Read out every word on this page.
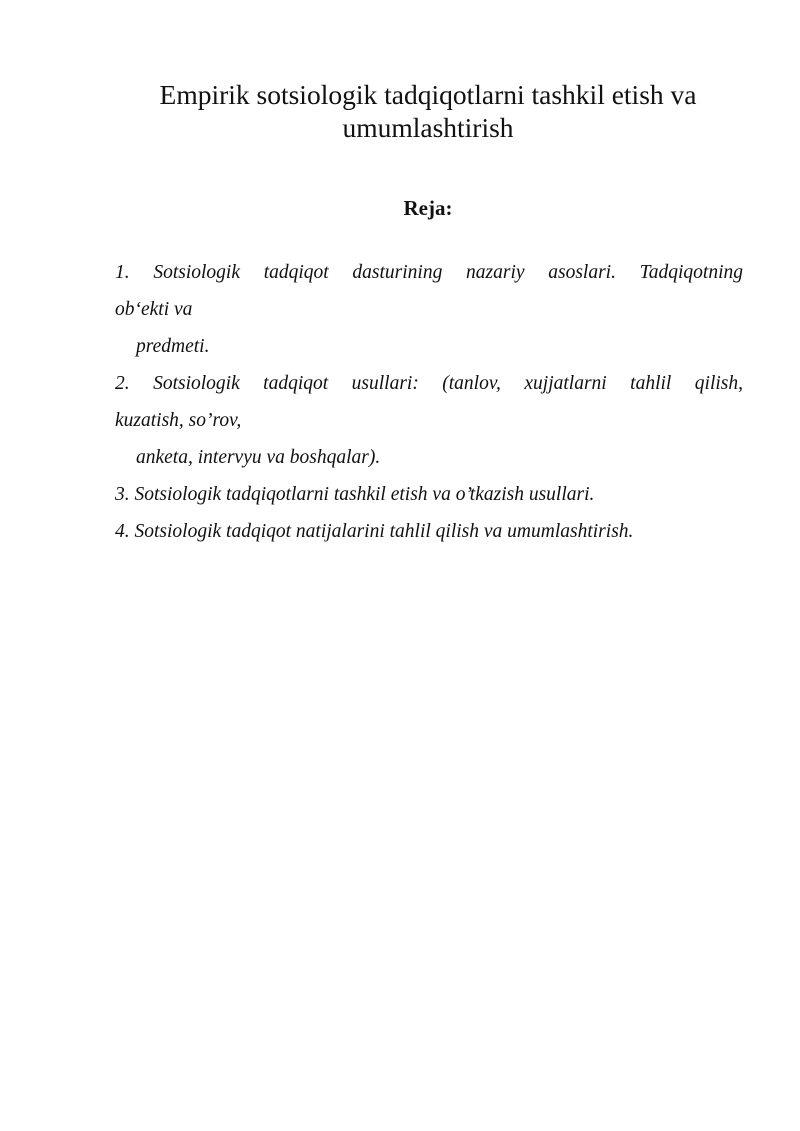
Empirik sotsiologik tadqiqotlarni tashkil etish va
umumlashtirish
Reja:
1. Sotsiologik tadqiqot dasturining nazariy asoslari. Tadqiqotning
ob‘ekti va
predmeti.
2. Sotsiologik tadqiqot usullari: (tanlov, xujjatlarni tahlil qilish,
kuzatish, so’rov,
anketa, intervyu va boshqalar).
3. Sotsiologik tadqiqotlarni tashkil etish va o’tkazish usullari.
4. Sotsiologik tadqiqot natijalarini tahlil qilish va umumlashtirish.
